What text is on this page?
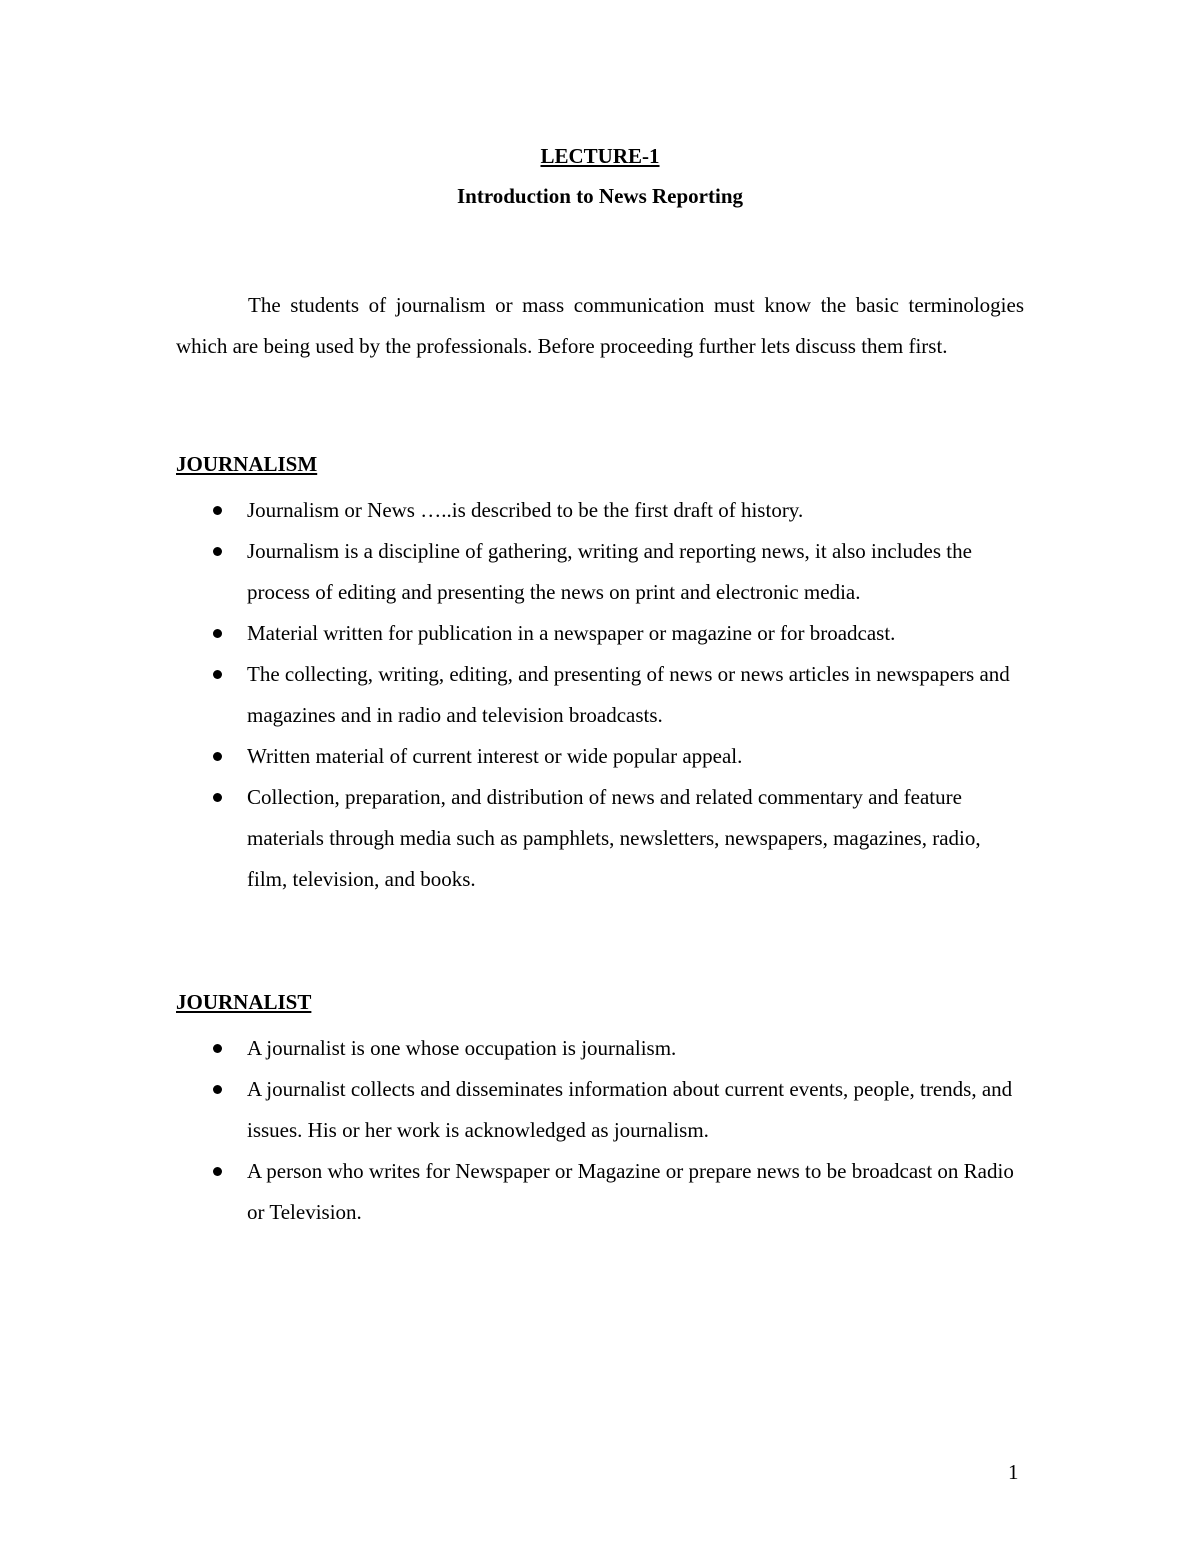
LECTURE-1
Introduction to News Reporting

The students of journalism or mass communication must know the basic terminologies which are being used by the professionals. Before proceeding further lets discuss them first.

JOURNALISM
Journalism or News …..is described to be the first draft of history.
Journalism is a discipline of gathering, writing and reporting news, it also includes the process of editing and presenting the news on print and electronic media.
Material written for publication in a newspaper or magazine or for broadcast.
The collecting, writing, editing, and presenting of news or news articles in newspapers and magazines and in radio and television broadcasts.
Written material of current interest or wide popular appeal.
Collection, preparation, and distribution of news and related commentary and feature materials through media such as pamphlets, newsletters, newspapers, magazines, radio, film, television, and books.
JOURNALIST
A journalist is one whose occupation is journalism.
A journalist collects and disseminates information about current events, people, trends, and issues. His or her work is acknowledged as journalism.
A person who writes for Newspaper or Magazine or prepare news to be broadcast on Radio or Television.

1
